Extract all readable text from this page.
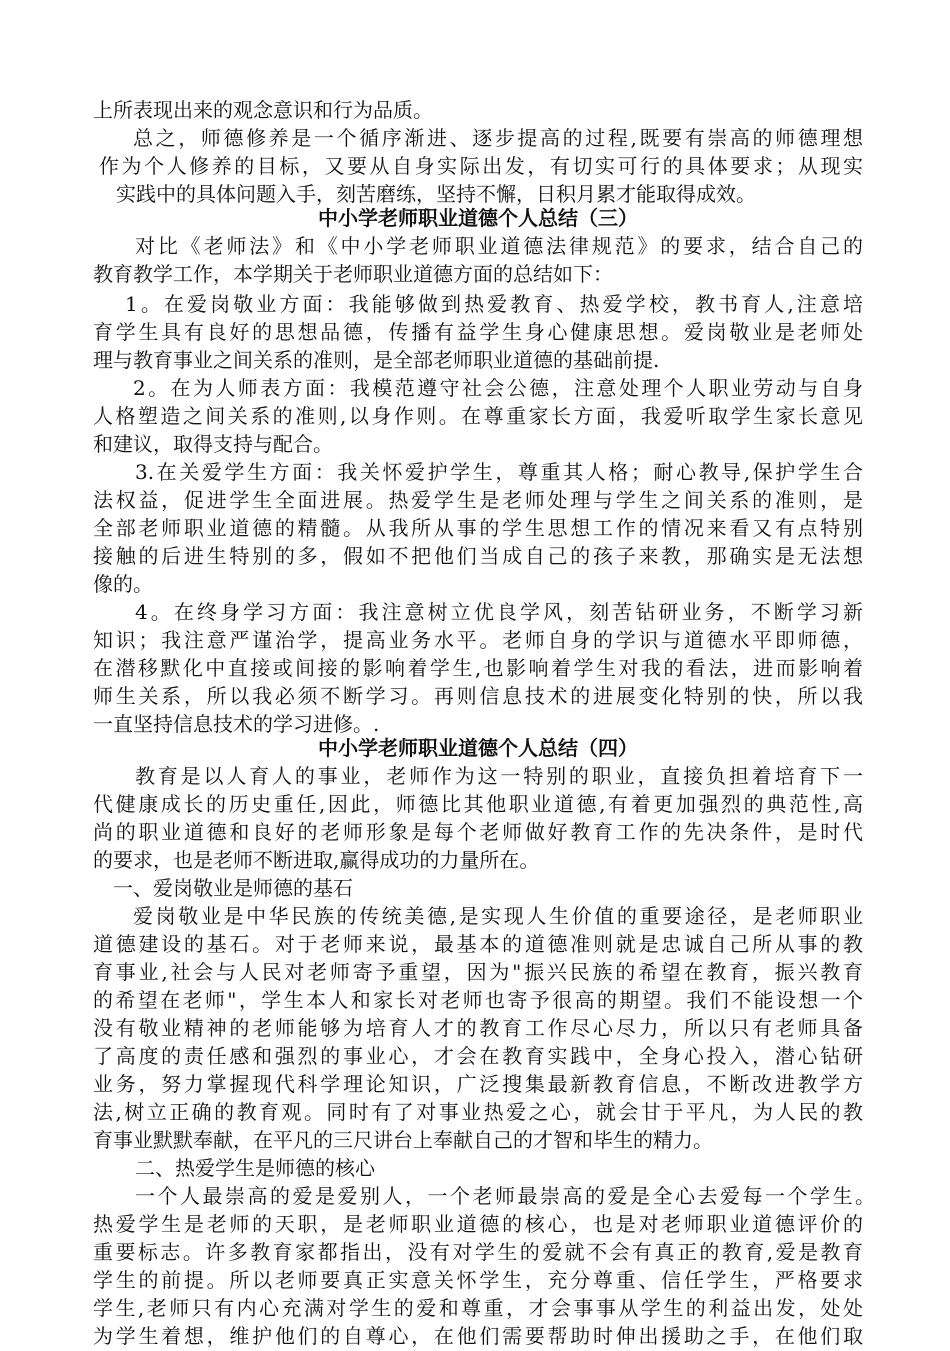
上所表现出来的观念意识和行为品质。
总之，师德修养是一个循序渐进、逐步提高的过程,既要有崇高的师德理想
作为个人修养的目标，又要从自身实际出发，有切实可行的具体要求；从现实
实践中的具体问题入手，刻苦磨练，坚持不懈，日积月累才能取得成效。
中小学老师职业道德个人总结（三）
对比《老师法》和《中小学老师职业道德法律规范》的要求，结合自己的
教育教学工作，本学期关于老师职业道德方面的总结如下：
1。在爱岗敬业方面：我能够做到热爱教育、热爱学校，教书育人,注意培
育学生具有良好的思想品德，传播有益学生身心健康思想。爱岗敬业是老师处
理与教育事业之间关系的准则，是全部老师职业道德的基础前提.
2。在为人师表方面：我模范遵守社会公德，注意处理个人职业劳动与自身
人格塑造之间关系的准则,以身作则。在尊重家长方面，我爱听取学生家长意见
和建议，取得支持与配合。
3.在关爱学生方面：我关怀爱护学生，尊重其人格；耐心教导,保护学生合
法权益，促进学生全面进展。热爱学生是老师处理与学生之间关系的准则，是
全部老师职业道德的精髓。从我所从事的学生思想工作的情况来看又有点特别
接触的后进生特别的多，假如不把他们当成自己的孩子来教，那确实是无法想
像的。
4。在终身学习方面：我注意树立优良学风，刻苦钻研业务，不断学习新
知识；我注意严谨治学，提高业务水平。老师自身的学识与道德水平即师德，
在潜移默化中直接或间接的影响着学生,也影响着学生对我的看法，进而影响着
师生关系，所以我必须不断学习。再则信息技术的进展变化特别的快，所以我
一直坚持信息技术的学习进修。.
中小学老师职业道德个人总结（四）
教育是以人育人的事业，老师作为这一特别的职业，直接负担着培育下一
代健康成长的历史重任,因此，师德比其他职业道德,有着更加强烈的典范性,高
尚的职业道德和良好的老师形象是每个老师做好教育工作的先决条件，是时代
的要求，也是老师不断进取,赢得成功的力量所在。
一、爱岗敬业是师德的基石
爱岗敬业是中华民族的传统美德,是实现人生价值的重要途径，是老师职业
道德建设的基石。对于老师来说，最基本的道德准则就是忠诚自己所从事的教
育事业,社会与人民对老师寄予重望，因为"振兴民族的希望在教育，振兴教育
的希望在老师"，学生本人和家长对老师也寄予很高的期望。我们不能设想一个
没有敬业精神的老师能够为培育人才的教育工作尽心尽力，所以只有老师具备
了高度的责任感和强烈的事业心，才会在教育实践中，全身心投入，潜心钻研
业务，努力掌握现代科学理论知识，广泛搜集最新教育信息，不断改进教学方
法,树立正确的教育观。同时有了对事业热爱之心，就会甘于平凡，为人民的教
育事业默默奉献，在平凡的三尺讲台上奉献自己的才智和毕生的精力。
二、热爱学生是师德的核心
一个人最崇高的爱是爱别人，一个老师最崇高的爱是全心去爱每一个学生。
热爱学生是老师的天职，是老师职业道德的核心，也是对老师职业道德评价的
重要标志。许多教育家都指出，没有对学生的爱就不会有真正的教育,爱是教育
学生的前提。所以老师要真正实意关怀学生，充分尊重、信任学生，严格要求
学生,老师只有内心充满对学生的爱和尊重，才会事事从学生的利益出发，处处
为学生着想，维护他们的自尊心，在他们需要帮助时伸出援助之手，在他们取
